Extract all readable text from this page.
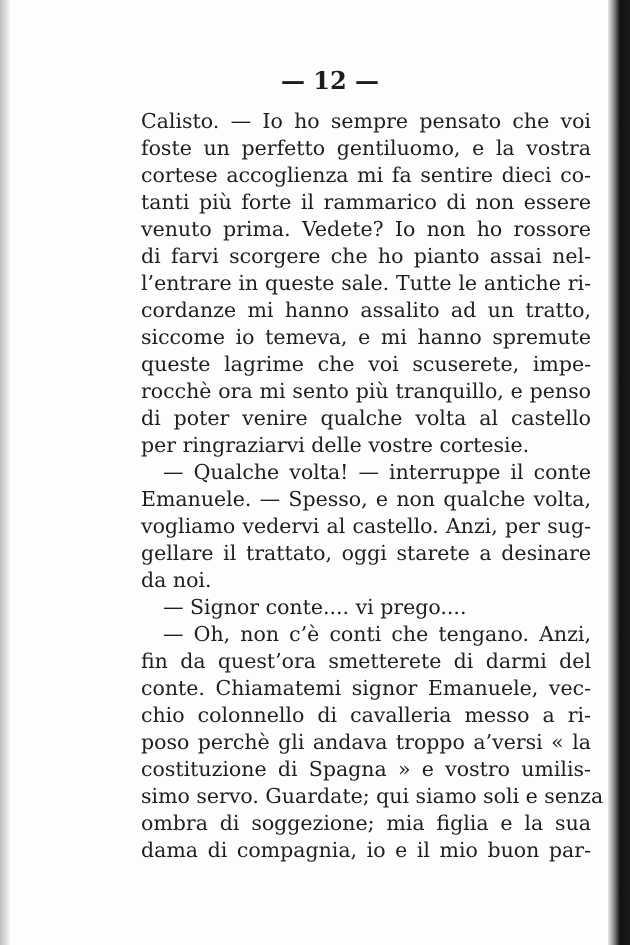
— 12 —
Calisto. — Io ho sempre pensato che voi
foste un perfetto gentiluomo, e la vostra
cortese accoglienza mi fa sentire dieci co-
tanti più forte il rammarico di non essere
venuto prima. Vedete? Io non ho rossore
di farvi scorgere che ho pianto assai nel-
l’entrare in queste sale. Tutte le antiche ri-
cordanze mi hanno assalito ad un tratto,
siccome io temeva, e mi hanno spremute
queste lagrime che voi scuserete, impe-
rocchè ora mi sento più tranquillo, e penso
di poter venire qualche volta al castello
per ringraziarvi delle vostre cortesie.
— Qualche volta! — interruppe il conte
Emanuele. — Spesso, e non qualche volta,
vogliamo vedervi al castello. Anzi, per sug-
gellare il trattato, oggi starete a desinare
da noi.
— Signor conte.... vi prego....
— Oh, non c’è conti che tengano. Anzi,
fin da quest’ora smetterete di darmi del
conte. Chiamatemi signor Emanuele, vec-
chio colonnello di cavalleria messo a ri-
poso perchè gli andava troppo a’versi « la
costituzione di Spagna » e vostro umilis-
simo servo. Guardate; qui siamo soli e senza
ombra di soggezione; mia figlia e la sua
dama di compagnia, io e il mio buon par-
